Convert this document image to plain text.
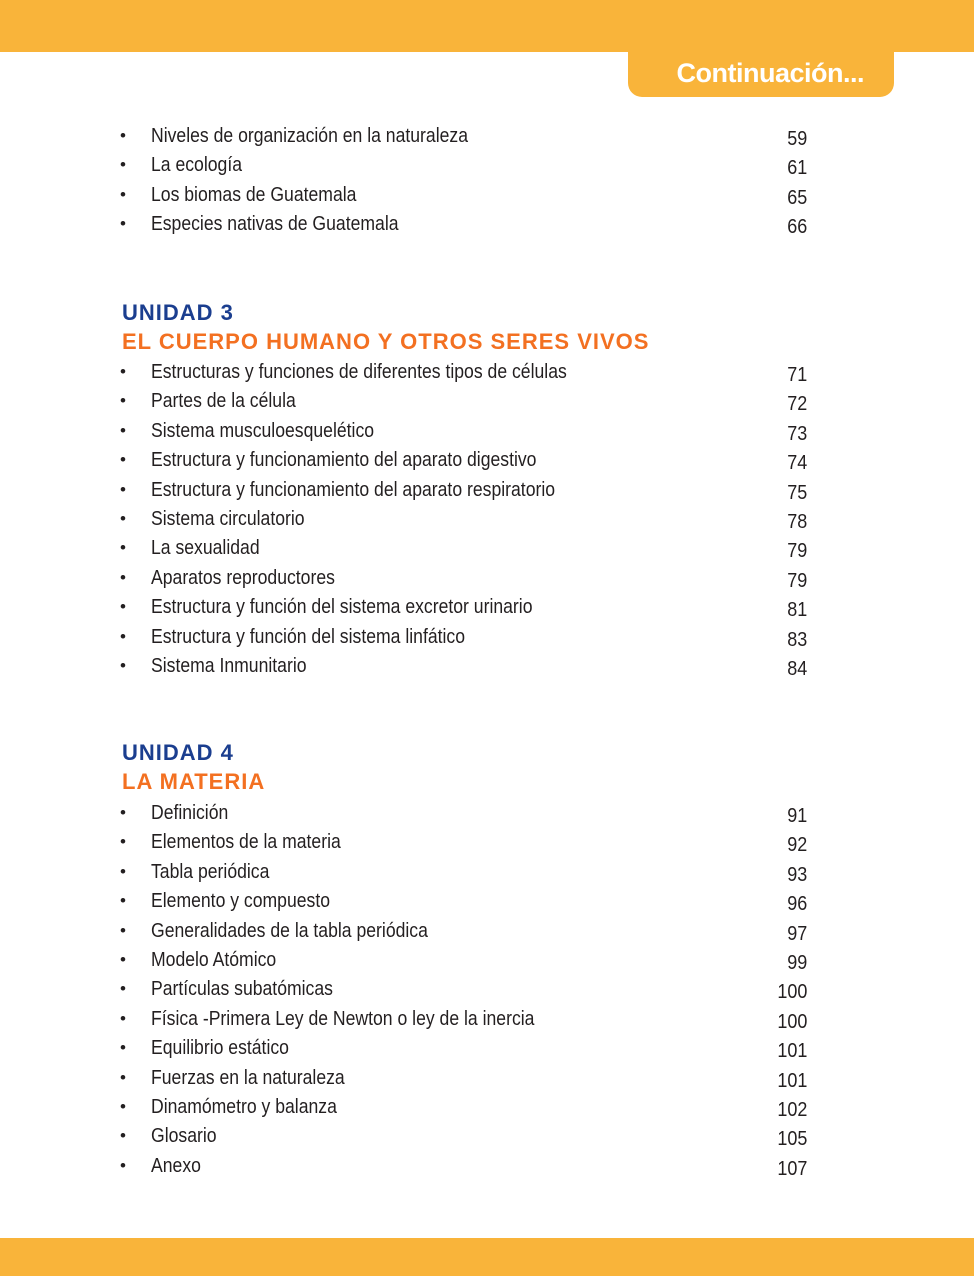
Continuación...
• Niveles de organización en la naturaleza	59
• La ecología	61
• Los biomas de Guatemala	65
• Especies nativas de Guatemala	66
UNIDAD 3
EL CUERPO HUMANO Y OTROS SERES VIVOS
• Estructuras y funciones de diferentes tipos de células	71
• Partes de la célula	72
• Sistema musculoesquelético	73
• Estructura y funcionamiento del aparato digestivo	74
• Estructura y funcionamiento del aparato respiratorio	75
• Sistema circulatorio	78
• La sexualidad	79
• Aparatos reproductores	79
• Estructura y función del sistema excretor urinario	81
• Estructura y función del sistema linfático	83
• Sistema Inmunitario	84
UNIDAD 4
LA MATERIA
• Definición	91
• Elementos de la materia	92
• Tabla periódica	93
• Elemento y compuesto	96
• Generalidades de la tabla periódica	97
• Modelo Atómico	99
• Partículas subatómicas	100
• Física -Primera Ley de Newton o ley de la inercia	100
• Equilibrio estático	101
• Fuerzas en la naturaleza	101
• Dinamómetro y balanza	102
• Glosario	105
• Anexo	107
